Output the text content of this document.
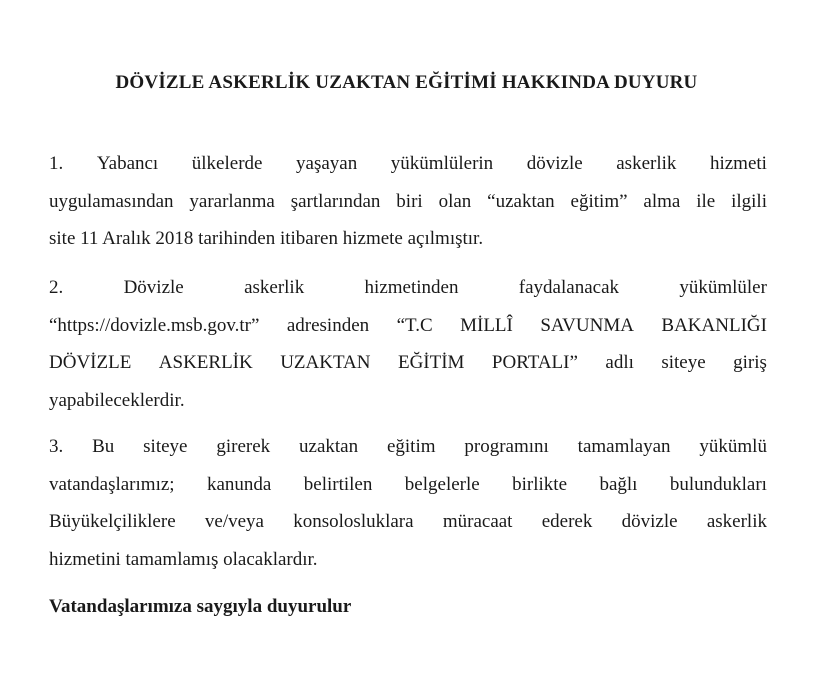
DÖVİZLE ASKERLİK UZAKTAN EĞİTİMİ HAKKINDA DUYURU
1. Yabancı ülkelerde yaşayan yükümlülerin dövizle askerlik hizmeti
uygulamasından yararlanma şartlarından biri olan “uzaktan eğitim” alma ile ilgili
site 11 Aralık 2018 tarihinden itibaren hizmete açılmıştır.
2.	Dövizle	askerlik	hizmetinden	faydalanacak	yükümlüler
“https://dovizle.msb.gov.tr” adresinden “T.C MİLLÎ SAVUNMA BAKANLIĞI
DÖVİZLE ASKERLİK UZAKTAN EĞİTİM PORTALI” adlı siteye giriş
yapabileceklerdir.
3. Bu siteye girerek uzaktan eğitim programını tamamlayan yükümlü
vatandaşlarımız; kanunda belirtilen belgelerle birlikte bağlı bulundukları
Büyükelçiliklere ve/veya konsolosluklara müracaat ederek dövizle askerlik
hizmetini tamamlamış olacaklardır.
Vatandaşlarımıza saygıyla duyurulur
